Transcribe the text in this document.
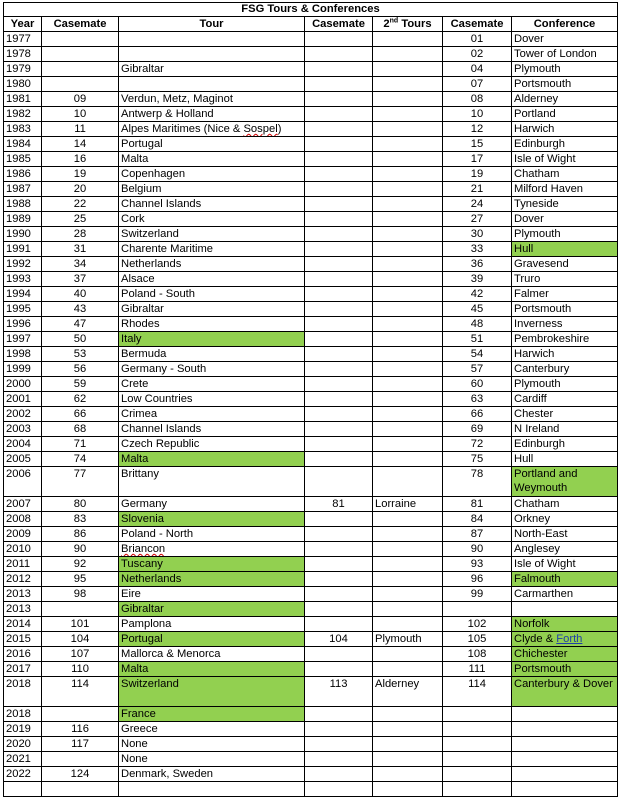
FSG Tours & Conferences						
Year	Casemate	Tour	Casemate	2nd Tours	Casemate	Conference
1977					01	Dover
1978					02	Tower of London
1979		Gibraltar			04	Plymouth
1980					07	Portsmouth
1981	09	Verdun, Metz, Maginot			08	Alderney
1982	10	Antwerp & Holland			10	Portland
1983	11	Alpes Maritimes (Nice & Sospel)			12	Harwich
1984	14	Portugal			15	Edinburgh
1985	16	Malta			17	Isle of Wight
1986	19	Copenhagen			19	Chatham
1987	20	Belgium			21	Milford Haven
1988	22	Channel Islands			24	Tyneside
1989	25	Cork			27	Dover
1990	28	Switzerland			30	Plymouth
1991	31	Charente Maritime			33	Hull
1992	34	Netherlands			36	Gravesend
1993	37	Alsace			39	Truro
1994	40	Poland - South			42	Falmer
1995	43	Gibraltar			45	Portsmouth
1996	47	Rhodes			48	Inverness
1997	50	Italy			51	Pembrokeshire
1998	53	Bermuda			54	Harwich
1999	56	Germany - South			57	Canterbury
2000	59	Crete			60	Plymouth
2001	62	Low Countries			63	Cardiff
2002	66	Crimea			66	Chester
2003	68	Channel Islands			69	N Ireland
2004	71	Czech Republic			72	Edinburgh
2005	74	Malta			75	Hull
2006	77	Brittany			78	Portland and Weymouth
2007	80	Germany	81	Lorraine	81	Chatham
2008	83	Slovenia			84	Orkney
2009	86	Poland - North			87	North-East
2010	90	Briancon			90	Anglesey
2011	92	Tuscany			93	Isle of Wight
2012	95	Netherlands			96	Falmouth
2013	98	Eire			99	Carmarthen
2013		Gibraltar				
2014	101	Pamplona			102	Norfolk
2015	104	Portugal	104	Plymouth	105	Clyde & Forth
2016	107	Mallorca & Menorca			108	Chichester
2017	110	Malta			111	Portsmouth
2018	114	Switzerland	113	Alderney	114	Canterbury & Dover
2018		France				
2019	116	Greece				
2020	117	None				
2021		None				
2022	124	Denmark, Sweden				
